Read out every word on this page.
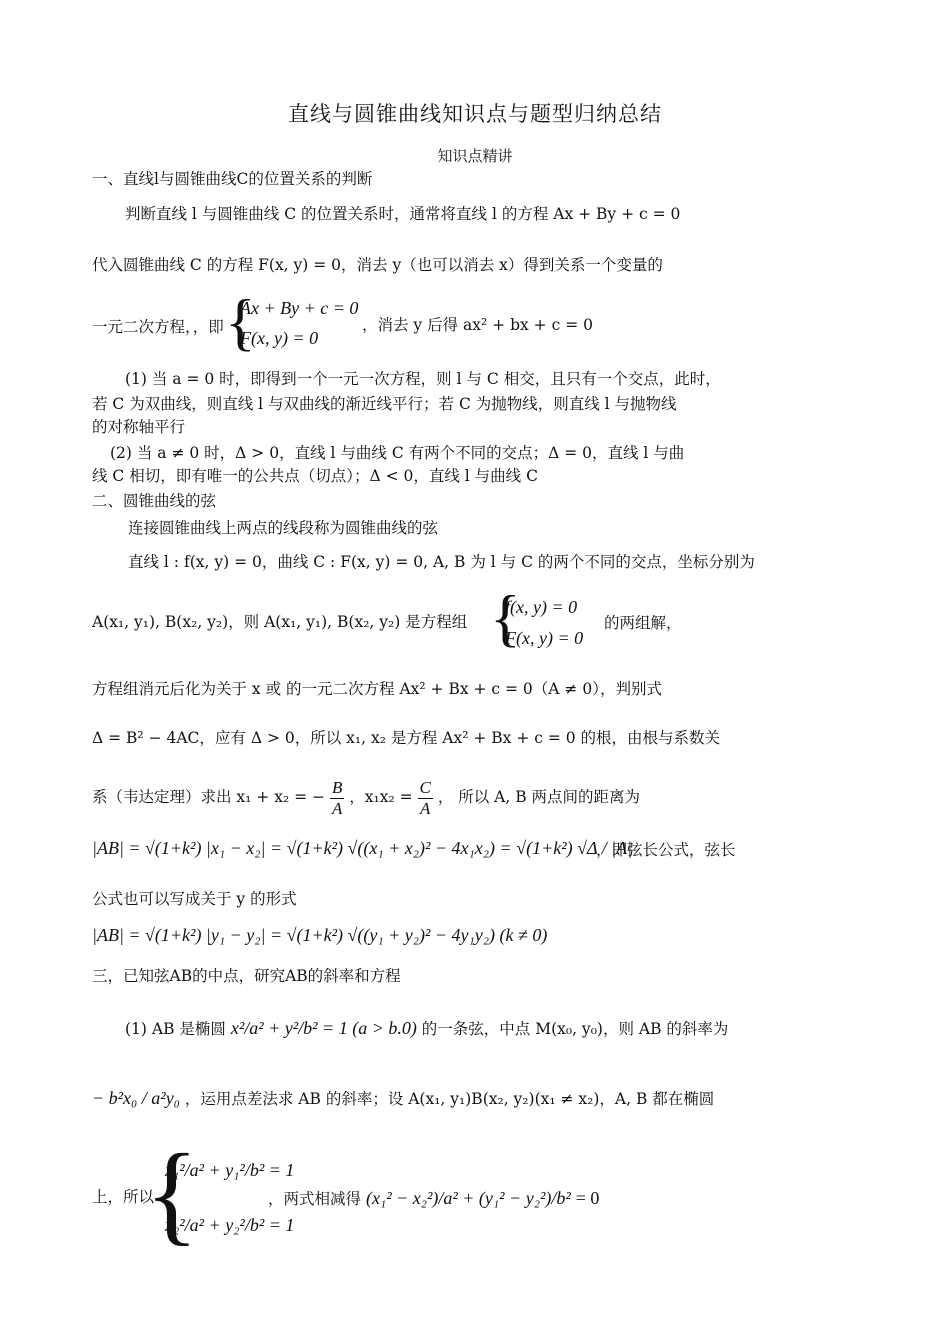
直线与圆锥曲线知识点与题型归纳总结
知识点精讲
一、直线l与圆锥曲线C的位置关系的判断
判断直线 l 与圆锥曲线 C 的位置关系时，通常将直线 l 的方程 Ax + By + c = 0
代入圆锥曲线 C 的方程 F(x, y) = 0，消去 y（也可以消去 x）得到关系一个变量的
一元二次方程，，即 {
Ax + By + c = 0
F(x, y) = 0
，消去 y 后得 ax² + bx + c = 0
(1) 当 a = 0 时，即得到一个一元一次方程，则 l 与 C 相交，且只有一个交点，此时，
若 C 为双曲线，则直线 l 与双曲线的渐近线平行；若 C 为抛物线，则直线 l 与抛物线
的对称轴平行
(2) 当 a ≠ 0 时，Δ > 0，直线 l 与曲线 C 有两个不同的交点；Δ = 0，直线 l 与曲
线 C 相切，即有唯一的公共点（切点）；Δ < 0，直线 l 与曲线 C
二、圆锥曲线的弦
连接圆锥曲线上两点的线段称为圆锥曲线的弦
直线 l : f(x, y) = 0，曲线 C : F(x, y) = 0, A, B 为 l 与 C 的两个不同的交点，坐标分别为
A(x₁, y₁), B(x₂, y₂)，则 A(x₁, y₁), B(x₂, y₂) 是方程组 {
f(x, y) = 0
F(x, y) = 0
的两组解，
方程组消元后化为关于 x 或 的一元二次方程 Ax² + Bx + c = 0（A ≠ 0），判别式
Δ = B² − 4AC，应有 Δ > 0，所以 x₁, x₂ 是方程 Ax² + Bx + c = 0 的根，由根与系数关
系（韦达定理）求出 x₁ + x₂ = − $\frac{B}{A}$ ，$x_1x_2 = \frac{C}{A}$ ， 所以 A, B 两点间的距离为
|AB| = √(1+k²) |x₁ − x₂| = √(1+k²) √((x₁ + x₂)² − 4x₁x₂) = √(1+k²) √Δ / |A|
，即弦长公式，弦长
公式也可以写成关于 y 的形式
|AB| = √(1+k²) |y₁ − y₂| = √(1+k²) √((y₁ + y₂)² − 4y₁y₂) (k ≠ 0)
三，已知弦AB的中点，研究AB的斜率和方程
(1) AB 是椭圆 x²/a² + y²/b² = 1 (a > b.0) 的一条弦，中点 M(x₀, y₀)，则 AB 的斜率为
− b²x₀ / a²y₀ ，运用点差法求 AB 的斜率；设 A(x₁, y₁)B(x₂, y₂)(x₁ ≠ x₂)，A, B 都在椭圆
上，所以
{
x₁²/a² + y₁²/b² = 1
x₂²/a² + y₂²/b² = 1
，两式相减得 (x₁² − x₂²)/a² + (y₁² − y₂²)/b² = 0
